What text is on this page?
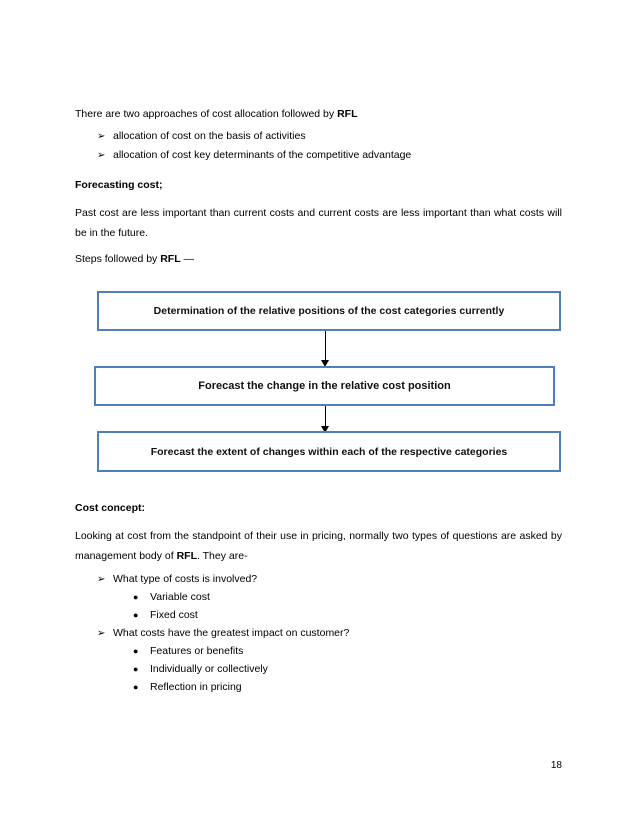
There are two approaches of cost allocation followed by RFL
➢ allocation of cost on the basis of activities
➢ allocation of cost key determinants of the competitive advantage
Forecasting cost;
Past cost are less important than current costs and current costs are less important than what costs will be in the future.
Steps followed by RFL —
Determination of the relative positions of the cost categories currently
Forecast the change in the relative cost position
Forecast the extent of changes within each of the respective categories
Cost concept:
Looking at cost from the standpoint of their use in pricing, normally two types of questions are asked by management body of RFL. They are-
➢ What type of costs is involved?
● Variable cost
● Fixed cost
➢ What costs have the greatest impact on customer?
● Features or benefits
● Individually or collectively
● Reflection in pricing
18
